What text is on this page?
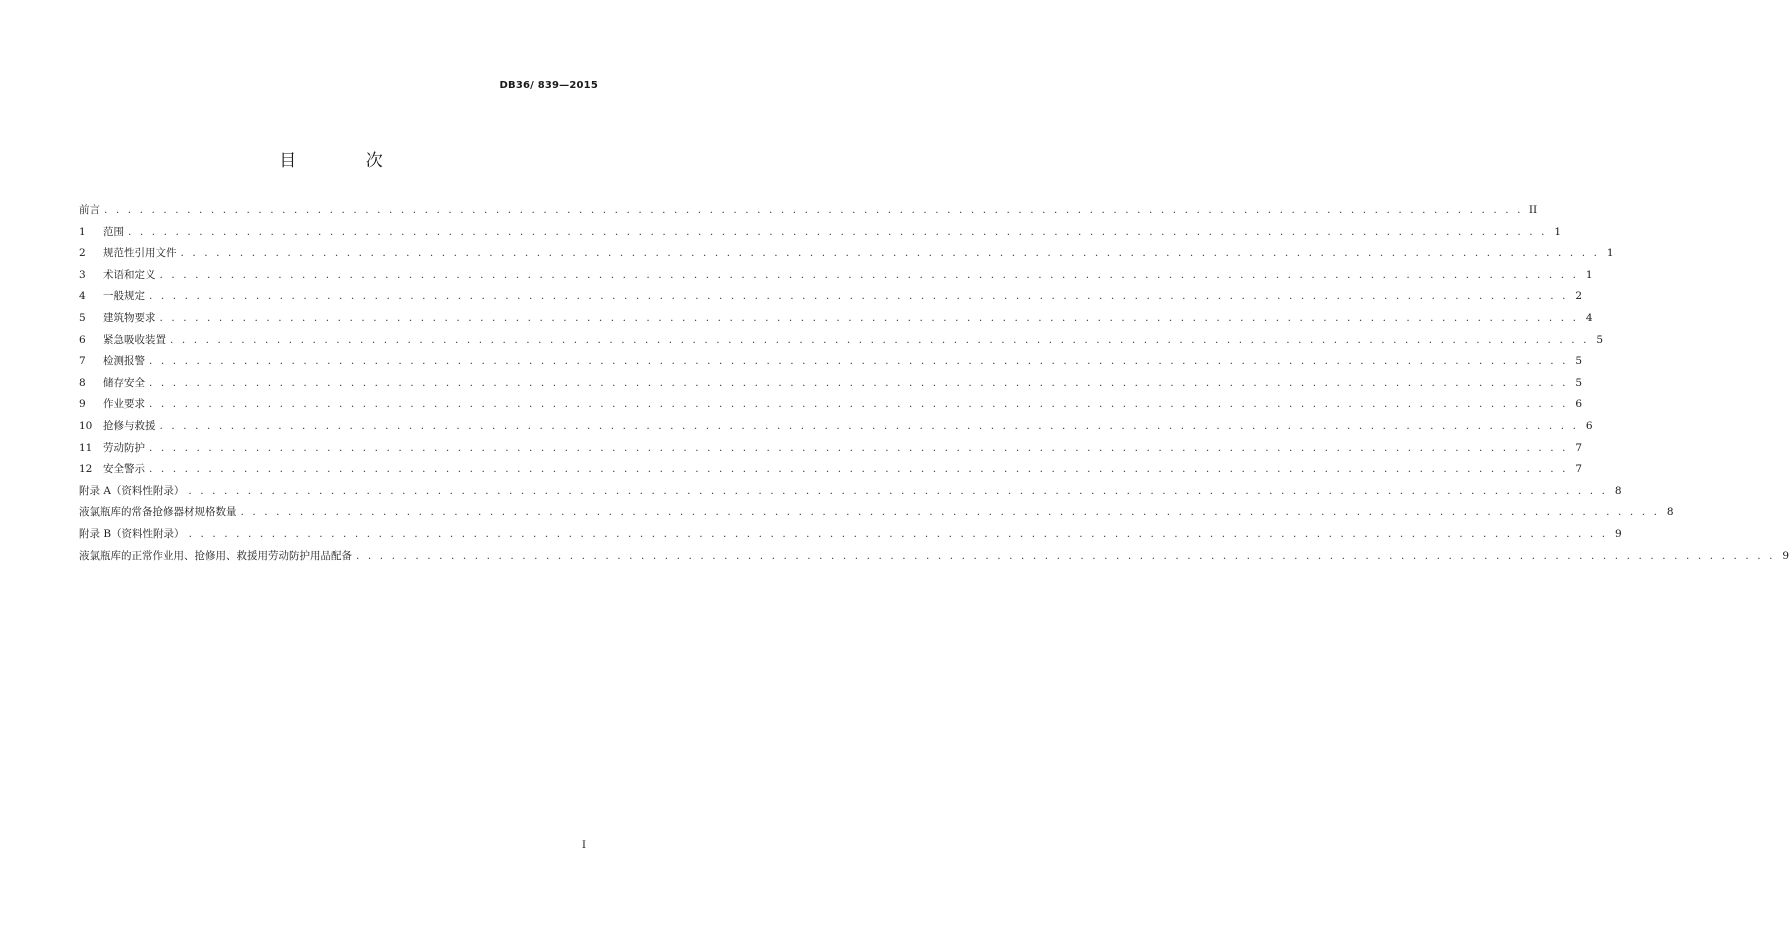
DB36/ 839—2015
目 次
前言 . . . . . . . . . . . . . . . . . . . . . . . . . . . . . . . . . . . . . . . . . . . . . . . . . . . . . . . . . . . . . . . . . . . . . . . . . . . . . . . . . . . . . . . . . . . . . . . . . . . . . . . . . . . . . . . . . . . . . . . . II
1	范围 . . . . . . . . . . . . . . . . . . . . . . . . . . . . . . . . . . . . . . . . . . . . . . . . . . . . . . . . . . . . . . . . . . . . . . . . . . . . . . . . . . . . . . . . . . . . . . . . . . . . . . . . . . . . . . . . . . . . . . . . 1
2	规范性引用文件 . . . . . . . . . . . . . . . . . . . . . . . . . . . . . . . . . . . . . . . . . . . . . . . . . . . . . . . . . . . . . . . . . . . . . . . . . . . . . . . . . . . . . . . . . . . . . . . . . . . . . . . . . . . . . . . . . . . . . . . . 1
3	术语和定义 . . . . . . . . . . . . . . . . . . . . . . . . . . . . . . . . . . . . . . . . . . . . . . . . . . . . . . . . . . . . . . . . . . . . . . . . . . . . . . . . . . . . . . . . . . . . . . . . . . . . . . . . . . . . . . . . . . . . . . . . 1
4	一般规定 . . . . . . . . . . . . . . . . . . . . . . . . . . . . . . . . . . . . . . . . . . . . . . . . . . . . . . . . . . . . . . . . . . . . . . . . . . . . . . . . . . . . . . . . . . . . . . . . . . . . . . . . . . . . . . . . . . . . . . . . 2
5	建筑物要求 . . . . . . . . . . . . . . . . . . . . . . . . . . . . . . . . . . . . . . . . . . . . . . . . . . . . . . . . . . . . . . . . . . . . . . . . . . . . . . . . . . . . . . . . . . . . . . . . . . . . . . . . . . . . . . . . . . . . . . . . 4
6	紧急吸收装置 . . . . . . . . . . . . . . . . . . . . . . . . . . . . . . . . . . . . . . . . . . . . . . . . . . . . . . . . . . . . . . . . . . . . . . . . . . . . . . . . . . . . . . . . . . . . . . . . . . . . . . . . . . . . . . . . . . . . . . . . 5
7	检测报警 . . . . . . . . . . . . . . . . . . . . . . . . . . . . . . . . . . . . . . . . . . . . . . . . . . . . . . . . . . . . . . . . . . . . . . . . . . . . . . . . . . . . . . . . . . . . . . . . . . . . . . . . . . . . . . . . . . . . . . . . 5
8	储存安全 . . . . . . . . . . . . . . . . . . . . . . . . . . . . . . . . . . . . . . . . . . . . . . . . . . . . . . . . . . . . . . . . . . . . . . . . . . . . . . . . . . . . . . . . . . . . . . . . . . . . . . . . . . . . . . . . . . . . . . . . 5
9	作业要求 . . . . . . . . . . . . . . . . . . . . . . . . . . . . . . . . . . . . . . . . . . . . . . . . . . . . . . . . . . . . . . . . . . . . . . . . . . . . . . . . . . . . . . . . . . . . . . . . . . . . . . . . . . . . . . . . . . . . . . . . 6
10	抢修与救援 . . . . . . . . . . . . . . . . . . . . . . . . . . . . . . . . . . . . . . . . . . . . . . . . . . . . . . . . . . . . . . . . . . . . . . . . . . . . . . . . . . . . . . . . . . . . . . . . . . . . . . . . . . . . . . . . . . . . . . . . 6
11	劳动防护 . . . . . . . . . . . . . . . . . . . . . . . . . . . . . . . . . . . . . . . . . . . . . . . . . . . . . . . . . . . . . . . . . . . . . . . . . . . . . . . . . . . . . . . . . . . . . . . . . . . . . . . . . . . . . . . . . . . . . . . . 7
12	安全警示 . . . . . . . . . . . . . . . . . . . . . . . . . . . . . . . . . . . . . . . . . . . . . . . . . . . . . . . . . . . . . . . . . . . . . . . . . . . . . . . . . . . . . . . . . . . . . . . . . . . . . . . . . . . . . . . . . . . . . . . . 7
附录 A（资料性附录） . . . . . . . . . . . . . . . . . . . . . . . . . . . . . . . . . . . . . . . . . . . . . . . . . . . . . . . . . . . . . . . . . . . . . . . . . . . . . . . . . . . . . . . . . . . . . . . . . . . . . . . . . . . . . . . . . . . . . . . . 8
液氯瓶库的常备抢修器材规格数量 . . . . . . . . . . . . . . . . . . . . . . . . . . . . . . . . . . . . . . . . . . . . . . . . . . . . . . . . . . . . . . . . . . . . . . . . . . . . . . . . . . . . . . . . . . . . . . . . . . . . . . . . . . . . . . . . . . . . . . . . 8
附录 B（资料性附录） . . . . . . . . . . . . . . . . . . . . . . . . . . . . . . . . . . . . . . . . . . . . . . . . . . . . . . . . . . . . . . . . . . . . . . . . . . . . . . . . . . . . . . . . . . . . . . . . . . . . . . . . . . . . . . . . . . . . . . . . 9
液氯瓶库的正常作业用、抢修用、救援用劳动防护用品配备 . . . . . . . . . . . . . . . . . . . . . . . . . . . . . . . . . . . . . . . . . . . . . . . . . . . . . . . . . . . . . . . . . . . . . . . . . . . . . . . . . . . . . . . . . . . . . . . . . . . . . . . . . . . . . . . . . . . . . . . . 9
I
